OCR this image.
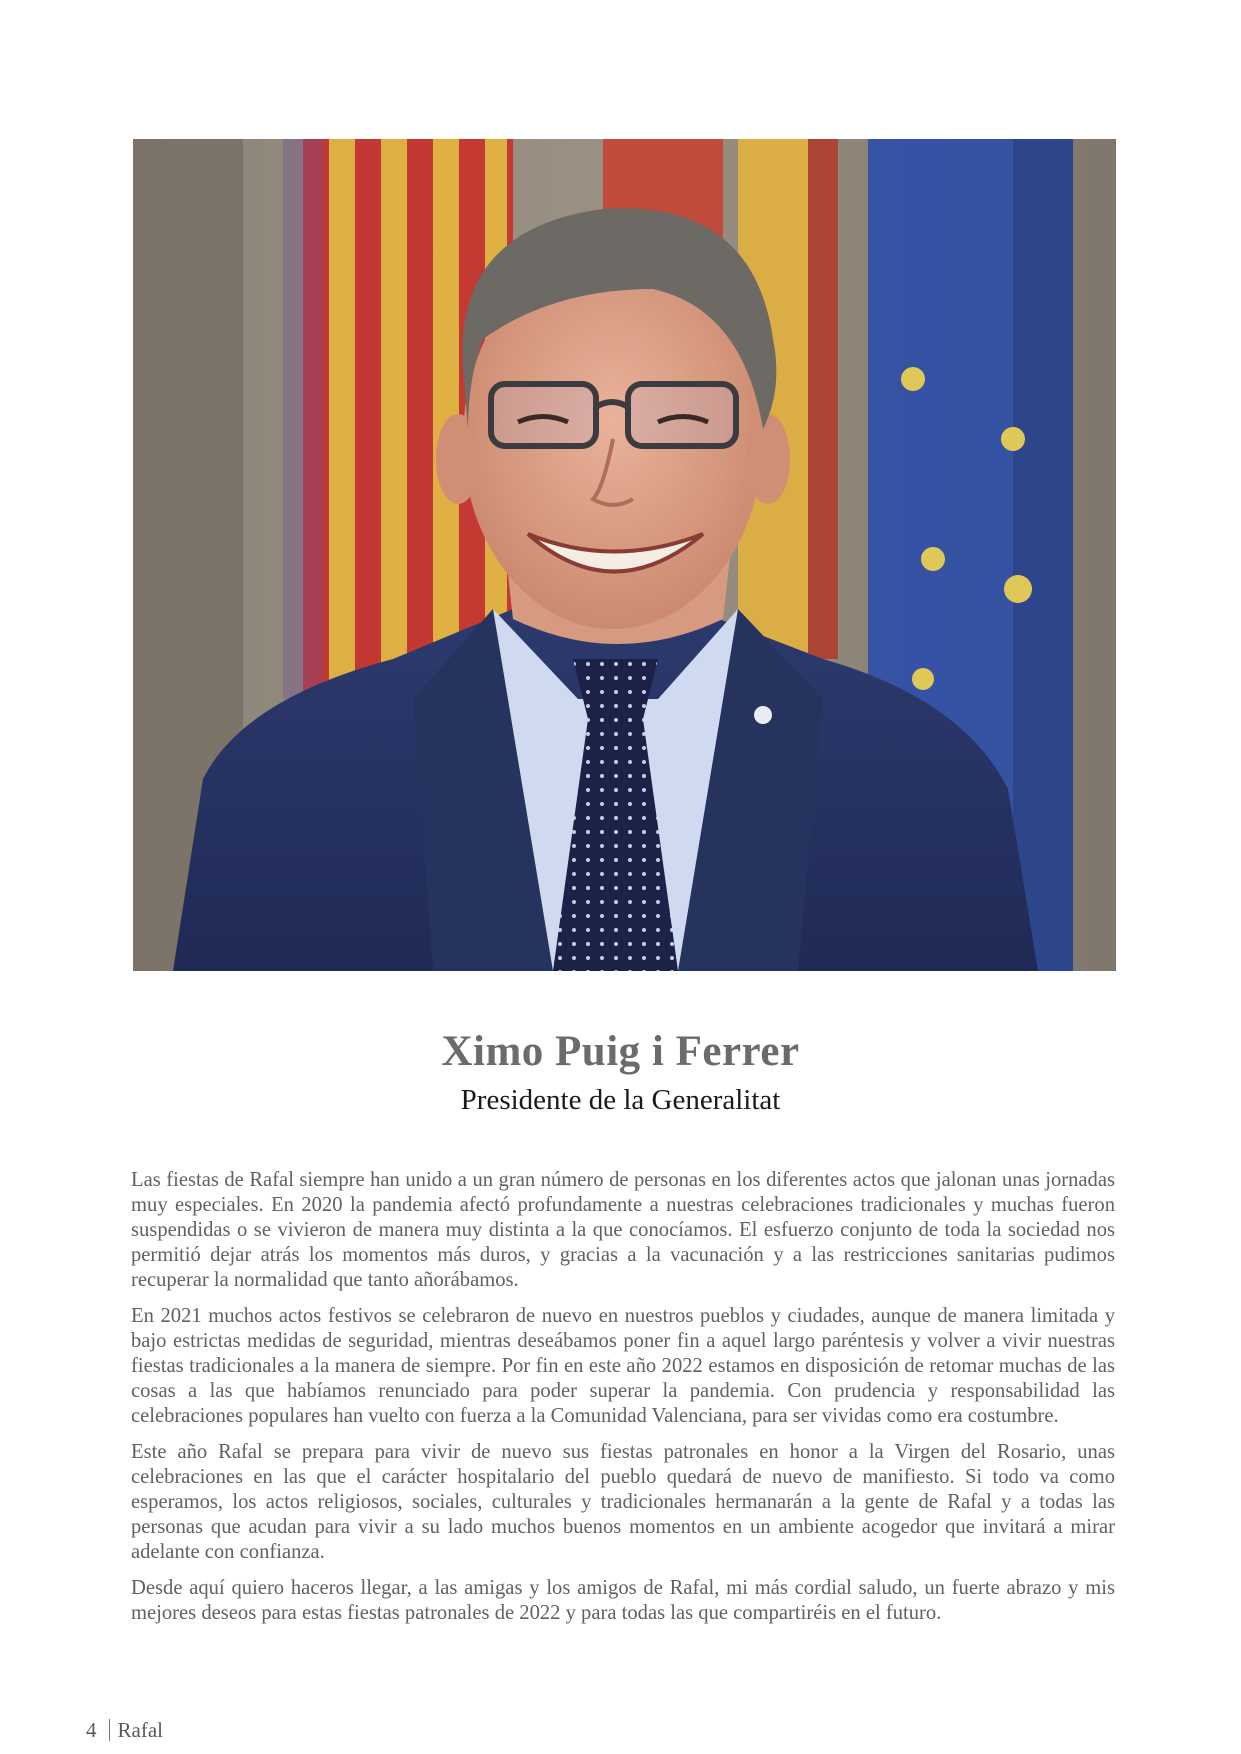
Ximo Puig i Ferrer
Presidente de la Generalitat

Las fiestas de Rafal siempre han unido a un gran número de personas en los diferentes actos que jalonan unas jornadas muy especiales. En 2020 la pandemia afectó profundamente a nuestras celebraciones tradicionales y muchas fueron suspendidas o se vivieron de manera muy distinta a la que conocíamos. El esfuerzo conjunto de toda la sociedad nos permitió dejar atrás los momentos más duros, y gracias a la vacunación y a las restricciones sanitarias pudimos recuperar la normalidad que tanto añorábamos.

En 2021 muchos actos festivos se celebraron de nuevo en nuestros pueblos y ciudades, aunque de manera limitada y bajo estrictas medidas de seguridad, mientras deseábamos poner fin a aquel largo paréntesis y volver a vivir nuestras fiestas tradicionales a la manera de siempre. Por fin en este año 2022 estamos en disposición de retomar muchas de las cosas a las que habíamos renunciado para poder superar la pandemia. Con prudencia y responsabilidad las celebraciones populares han vuelto con fuerza a la Comunidad Valenciana, para ser vividas como era costumbre.

Este año Rafal se prepara para vivir de nuevo sus fiestas patronales en honor a la Virgen del Rosario, unas celebraciones en las que el carácter hospitalario del pueblo quedará de nuevo de manifiesto. Si todo va como esperamos, los actos religiosos, sociales, culturales y tradicionales hermanarán a la gente de Rafal y a todas las personas que acudan para vivir a su lado muchos buenos momentos en un ambiente acogedor que invitará a mirar adelante con confianza.

Desde aquí quiero haceros llegar, a las amigas y los amigos de Rafal, mi más cordial saludo, un fuerte abrazo y mis mejores deseos para estas fiestas patronales de 2022 y para todas las que compartiréis en el futuro.

4 Rafal
